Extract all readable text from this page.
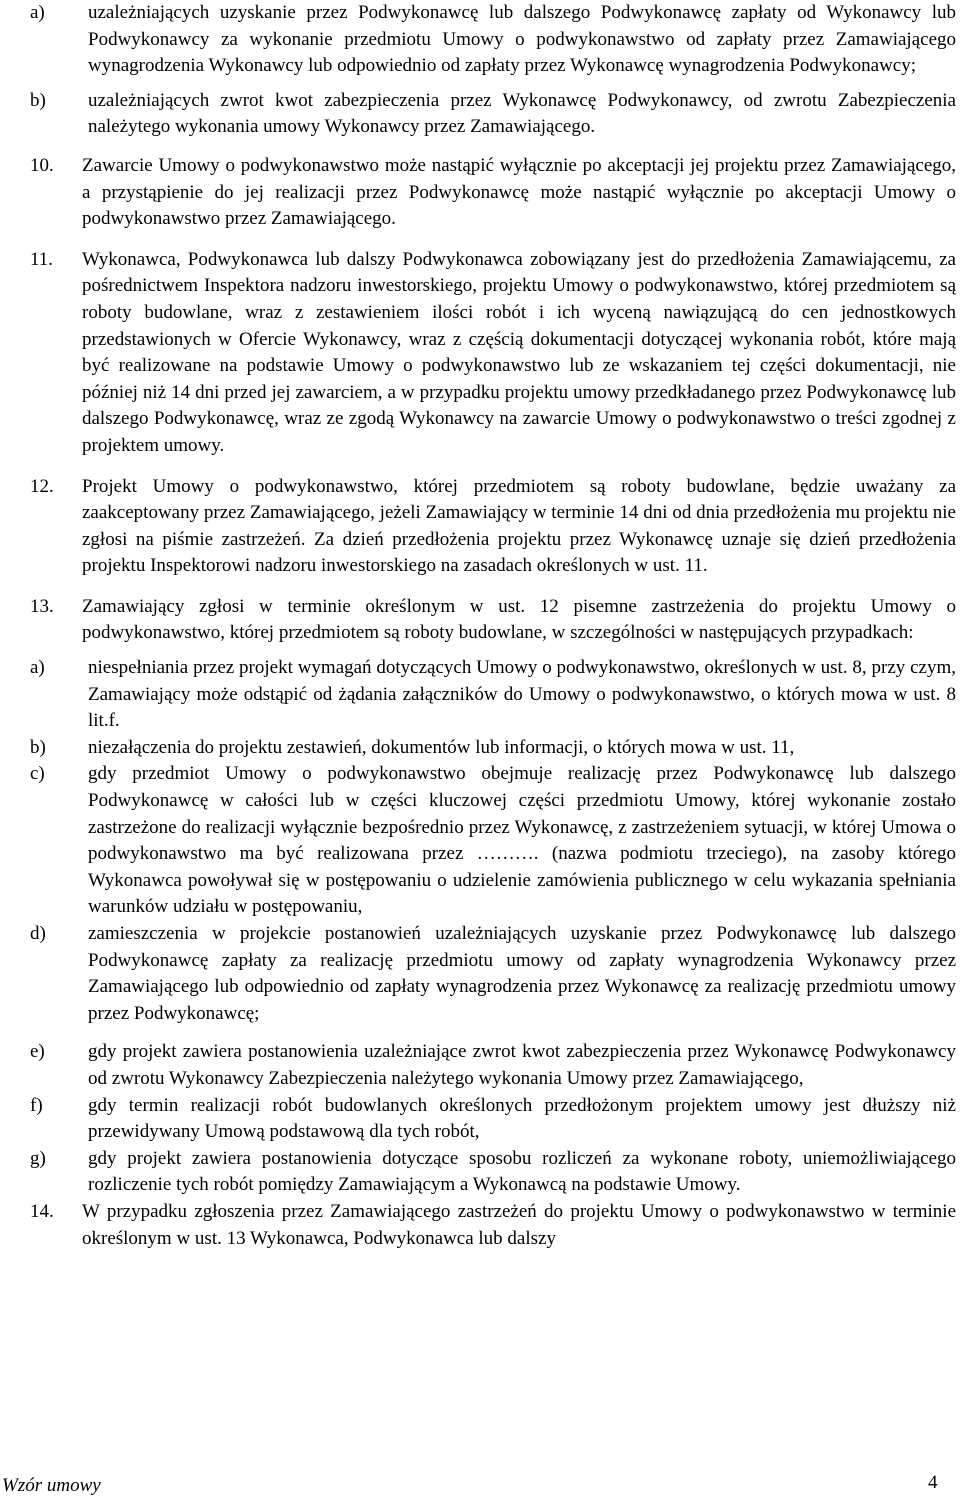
a)	uzależniających uzyskanie przez Podwykonawcę lub dalszego Podwykonawcę zapłaty od Wykonawcy lub Podwykonawcy za wykonanie przedmiotu Umowy o podwykonawstwo od zapłaty przez Zamawiającego wynagrodzenia Wykonawcy lub odpowiednio od zapłaty przez Wykonawcę wynagrodzenia Podwykonawcy;
b)	uzależniających zwrot kwot zabezpieczenia przez Wykonawcę Podwykonawcy, od zwrotu Zabezpieczenia należytego wykonania umowy Wykonawcy przez Zamawiającego.
10.	Zawarcie Umowy o podwykonawstwo może nastąpić wyłącznie po akceptacji jej projektu przez Zamawiającego, a przystąpienie do jej realizacji przez Podwykonawcę może nastąpić wyłącznie po akceptacji Umowy o podwykonawstwo przez Zamawiającego.
11.	Wykonawca, Podwykonawca lub dalszy Podwykonawca zobowiązany jest do przedłożenia Zamawiającemu, za pośrednictwem Inspektora nadzoru inwestorskiego, projektu Umowy o podwykonawstwo, której przedmiotem są roboty budowlane, wraz z zestawieniem ilości robót i ich wyceną nawiązującą do cen jednostkowych przedstawionych w Ofercie Wykonawcy, wraz z częścią dokumentacji dotyczącej wykonania robót, które mają być realizowane na podstawie Umowy o podwykonawstwo lub ze wskazaniem tej części dokumentacji, nie później niż 14 dni przed jej zawarciem, a w przypadku projektu umowy przedkładanego przez Podwykonawcę lub dalszego Podwykonawcę, wraz ze zgodą Wykonawcy na zawarcie Umowy o podwykonawstwo o treści zgodnej z projektem umowy.
12.	Projekt Umowy o podwykonawstwo, której przedmiotem są roboty budowlane, będzie uważany za zaakceptowany przez Zamawiającego, jeżeli Zamawiający w terminie 14 dni od dnia przedłożenia mu projektu nie zgłosi na piśmie zastrzeżeń. Za dzień przedłożenia projektu przez Wykonawcę uznaje się dzień przedłożenia projektu Inspektorowi nadzoru inwestorskiego na zasadach określonych w ust. 11.
13.	Zamawiający zgłosi w terminie określonym w ust. 12 pisemne zastrzeżenia do projektu Umowy o podwykonawstwo, której przedmiotem są roboty budowlane, w szczególności w następujących przypadkach:
a)	niespełniania przez projekt wymagań dotyczących Umowy o podwykonawstwo, określonych w ust. 8, przy czym, Zamawiający może odstąpić od żądania załączników do Umowy o podwykonawstwo, o których mowa w ust. 8 lit.f.
b)	niezałączenia do projektu zestawień, dokumentów lub informacji, o których mowa w ust. 11,
c)	gdy przedmiot Umowy o podwykonawstwo obejmuje realizację przez Podwykonawcę lub dalszego Podwykonawcę w całości lub w części kluczowej części przedmiotu Umowy, której wykonanie zostało zastrzeżone do realizacji wyłącznie bezpośrednio przez Wykonawcę, z zastrzeżeniem sytuacji, w której Umowa o podwykonawstwo ma być realizowana przez ………. (nazwa podmiotu trzeciego), na zasoby którego Wykonawca powoływał się w postępowaniu o udzielenie zamówienia publicznego w celu wykazania spełniania warunków udziału w postępowaniu,
d)	zamieszczenia w projekcie postanowień uzależniających uzyskanie przez Podwykonawcę lub dalszego Podwykonawcę zapłaty za realizację przedmiotu umowy od zapłaty wynagrodzenia Wykonawcy przez Zamawiającego lub odpowiednio od zapłaty wynagrodzenia przez Wykonawcę za realizację przedmiotu umowy przez Podwykonawcę;
e)	gdy projekt zawiera postanowienia uzależniające zwrot kwot zabezpieczenia przez Wykonawcę Podwykonawcy od zwrotu Wykonawcy Zabezpieczenia należytego wykonania Umowy przez Zamawiającego,
f)	gdy termin realizacji robót budowlanych określonych przedłożonym projektem umowy jest dłuższy niż przewidywany Umową podstawową dla tych robót,
g)	gdy projekt zawiera postanowienia dotyczące sposobu rozliczeń za wykonane roboty, uniemożliwiającego rozliczenie tych robót pomiędzy Zamawiającym a Wykonawcą na podstawie Umowy.
14.	W przypadku zgłoszenia przez Zamawiającego zastrzeżeń do projektu Umowy o podwykonawstwo w terminie określonym w ust. 13 Wykonawca, Podwykonawca lub dalszy
Wzór umowy	4
